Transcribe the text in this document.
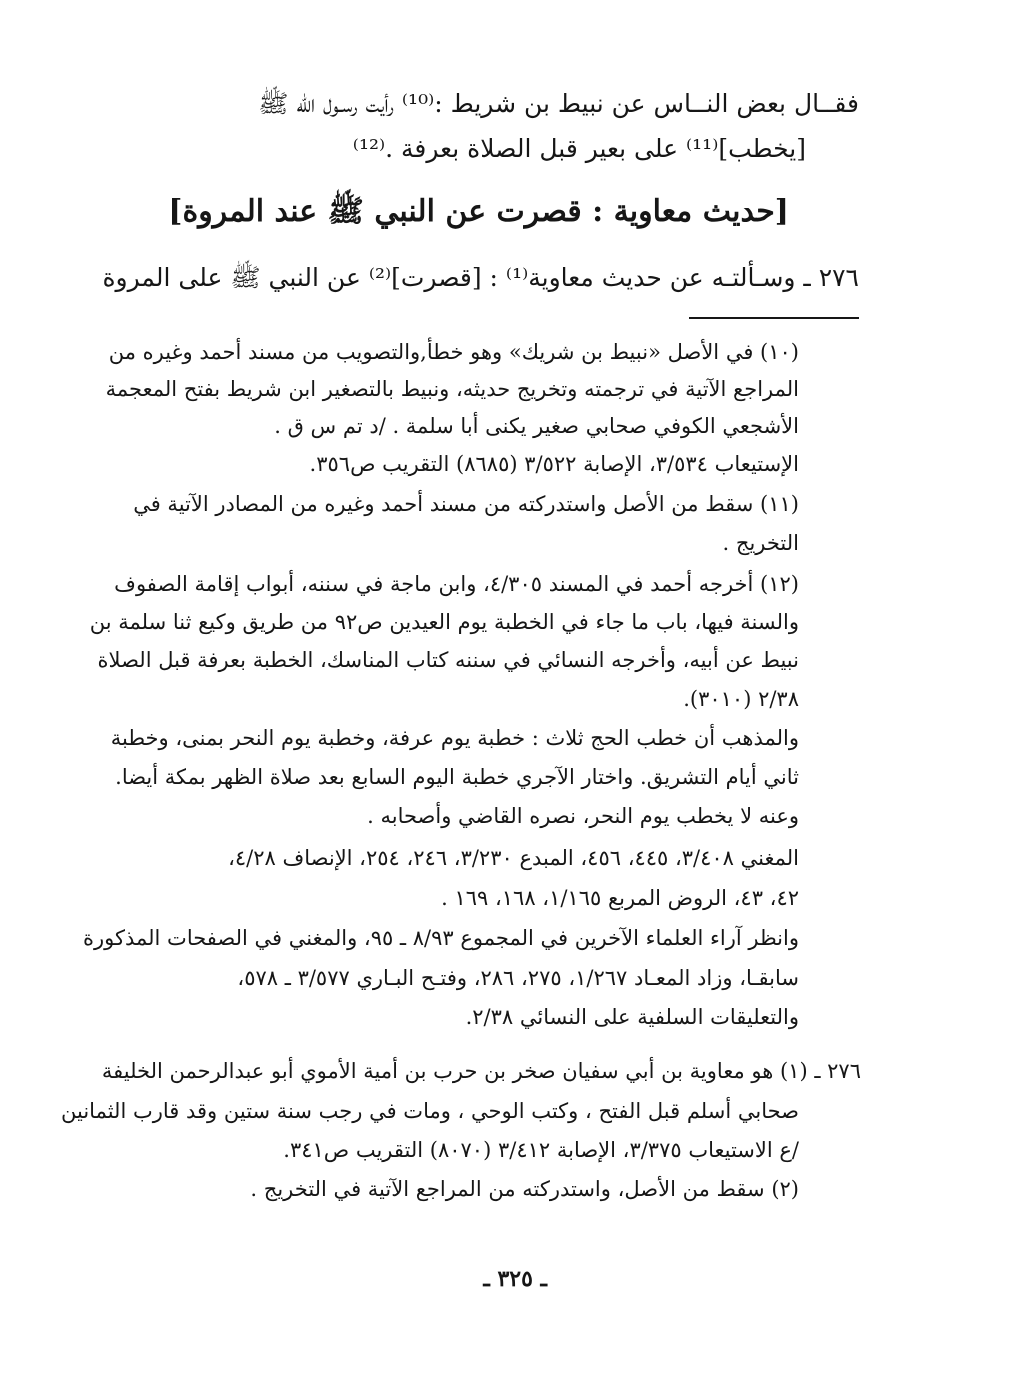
فقــال بعض النــاس عن نبيط بن شريط :⁽¹⁰⁾ رأيت رسـول الله ﷺ

[يخطب]⁽¹¹⁾ على بعير قبل الصلاة بعرفة .⁽¹²⁾

[حديث معاوية : قصرت عن النبي ﷺ عند المروة]

٢٧٦ ـ وسـألتـه عن حديث معاوية⁽¹⁾ : [قصرت]⁽²⁾ عن النبي ﷺ على المروة

(١٠) في الأصل «نبيط بن شريك» وهو خطأ,والتصويب من مسند أحمد وغيره من

المراجع الآتية في ترجمته وتخريج حديثه، ونبيط بالتصغير ابن شريط بفتح المعجمة

الأشجعي الكوفي صحابي صغير يكنى أبا سلمة . /د تم س ق .

الإستيعاب ٣/٥٣٤، الإصابة ٣/٥٢٢ (٨٦٨٥) التقريب ص٣٥٦.

(١١) سقط من الأصل واستدركته من مسند أحمد وغيره من المصادر الآتية في

التخريج .

(١٢) أخرجه أحمد في المسند ٤/٣٠٥، وابن ماجة في سننه، أبواب إقامة الصفوف

والسنة فيها، باب ما جاء في الخطبة يوم العيدين ص٩٢ من طريق وكيع ثنا سلمة بن

نبيط عن أبيه، وأخرجه النسائي في سننه كتاب المناسك، الخطبة بعرفة قبل الصلاة

٢/٣٨ (٣٠١٠).

والمذهب أن خطب الحج ثلاث : خطبة يوم عرفة، وخطبة يوم النحر بمنى، وخطبة

ثاني أيام التشريق. واختار الآجري خطبة اليوم السابع بعد صلاة الظهر بمكة أيضا.

وعنه لا يخطب يوم النحر، نصره القاضي وأصحابه .

المغني ٣/٤٠٨، ٤٤٥، ٤٥٦، المبدع ٣/٢٣٠، ٢٤٦، ٢٥٤، الإنصاف ٤/٢٨،

٤٢، ٤٣، الروض المربع ١/١٦٥، ١٦٨، ١٦٩ .

وانظر آراء العلماء الآخرين في المجموع ٨/٩٣ ـ ٩٥، والمغني في الصفحات المذكورة

سابقـا، وزاد المعـاد ١/٢٦٧، ٢٧٥، ٢٨٦، وفتـح البـاري ٣/٥٧٧ ـ ٥٧٨،

والتعليقات السلفية على النسائي ٢/٣٨.

٢٧٦ ـ (١) هو معاوية بن أبي سفيان صخر بن حرب بن أمية الأموي أبو عبدالرحمن الخليفة

صحابي أسلم قبل الفتح ، وكتب الوحي ، ومات في رجب سنة ستين وقد قارب الثمانين

/ع الاستيعاب ٣/٣٧٥، الإصابة ٣/٤١٢ (٨٠٧٠) التقريب ص٣٤١.

(٢) سقط من الأصل، واستدركته من المراجع الآتية في التخريج .

ـ ٣٢٥ ـ
